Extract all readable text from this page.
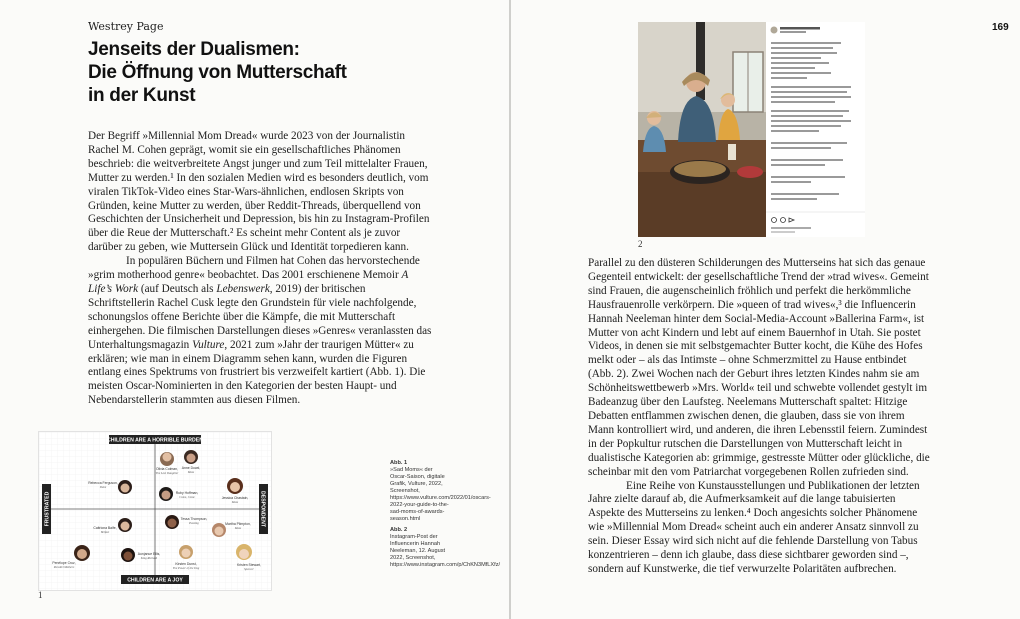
Westrey Page
Jenseits der Dualismen:
Die Öffnung von Mutterschaft
in der Kunst

Der Begriff »Millennial Mom Dread« wurde 2023 von der Journalistin Rachel M. Cohen geprägt, womit sie ein gesellschaftliches Phänomen beschrieb: die weitverbreitete Angst junger und zum Teil mittelalter Frauen, Mutter zu werden.¹ In den sozialen Medien wird es besonders deutlich, vom viralen TikTok-Video eines Star-Wars-ähnlichen, endlosen Skripts von Gründen, keine Mutter zu werden, über Reddit-Threads, überquellend von Geschichten der Unsicherheit und Depression, bis hin zu Instagram-Profilen über die Reue der Mutterschaft.² Es scheint mehr Content als je zuvor darüber zu geben, wie Muttersein Glück und Identität torpedieren kann.

In populären Büchern und Filmen hat Cohen das hervorstechende »grim motherhood genre« beobachtet. Das 2001 erschienene Memoir A Life’s Work (auf Deutsch als Lebenswerk, 2019) der britischen Schriftstellerin Rachel Cusk legte den Grundstein für viele nachfolgende, schonungslos offene Berichte über die Kämpfe, die mit Mutterschaft einhergehen. Die filmischen Darstellungen dieses »Genres« veranlassten das Unterhaltungsmagazin Vulture, 2021 zum »Jahr der traurigen Mütter« zu erklären; wie man in einem Diagramm sehen kann, wurden die Figuren entlang eines Spektrums von frustriert bis verzweifelt kartiert (Abb. 1). Die meisten Oscar-Nominierten in den Kategorien der besten Haupt- und Nebendarstellerin stammten aus diesen Filmen.

CHILDREN ARE A HORRIBLE BURDEN
CHILDREN ARE A JOY
FRUSTRATED	DESPONDENT
Olivia Colman,
The Lost Daughter
Anne Dowd,
Mass
Rebecca Ferguson,
Dune
Ruby Hoffman,
Come, Come	Jessica Chastain,
Mass
Tessa Thompson,
Passing	Martha Plimpton,
Mass
Caitriona Balfe,
Belfast
Aunjanue Ellis,
King Richard
Kirsten Dunst,
The Power of the Dog
Penélope Cruz,
Parallel Mothers	Kristen Stewart,
Spencer
1
Abb. 1
»Sad Moms« der Oscar-Saison, digitale Grafik, Vulture, 2022, Screenshot, https://www.vulture.com/2022/01/oscars-2022-your-guide-to-the-sad-moms-of-awards-season.html
Abb. 2
Instagram-Post der Influencerin Hannah Neeleman, 12. August 2022, Screenshot, https://www.instagram.com/p/ChKN3MfLXfz/
169
2

Parallel zu den düsteren Schilderungen des Mutterseins hat sich das genaue Gegenteil entwickelt: der gesellschaftliche Trend der »trad wives«. Gemeint sind Frauen, die augenscheinlich fröhlich und perfekt die herkömmliche Hausfrauenrolle verkörpern. Die »queen of trad wives«,³ die Influencerin Hannah Neeleman hinter dem Social-Media-Account »Ballerina Farm«, ist Mutter von acht Kindern und lebt auf einem Bauernhof in Utah. Sie postet Videos, in denen sie mit selbstgemachter Butter kocht, die Kühe des Hofes melkt oder – als das Intimste – ohne Schmerzmittel zu Hause entbindet (Abb. 2). Zwei Wochen nach der Geburt ihres letzten Kindes nahm sie am Schönheitswettbewerb »Mrs. World« teil und schwebte vollendet gestylt im Badeanzug über den Laufsteg. Neelemans Mutterschaft spaltet: Hitzige Debatten entflammen zwischen denen, die glauben, dass sie von ihrem Mann kontrolliert wird, und anderen, die ihren Lebensstil feiern. Zumindest in der Popkultur rutschen die Darstellungen von Mutterschaft leicht in dualistische Kategorien ab: grimmige, gestresste Mütter oder glückliche, die scheinbar mit den vom Patriarchat vorgegebenen Rollen zufrieden sind.

Eine Reihe von Kunstausstellungen und Publikationen der letzten Jahre zielte darauf ab, die Aufmerksamkeit auf die lange tabuisierten Aspekte des Mutterseins zu lenken.⁴ Doch angesichts solcher Phänomene wie »Millennial Mom Dread« scheint auch ein anderer Ansatz sinnvoll zu sein. Dieser Essay wird sich nicht auf die fehlende Darstellung von Tabus konzentrieren – denn ich glaube, dass diese sichtbarer geworden sind –, sondern auf Kunstwerke, die tief verwurzelte Polaritäten aufbrechen.
